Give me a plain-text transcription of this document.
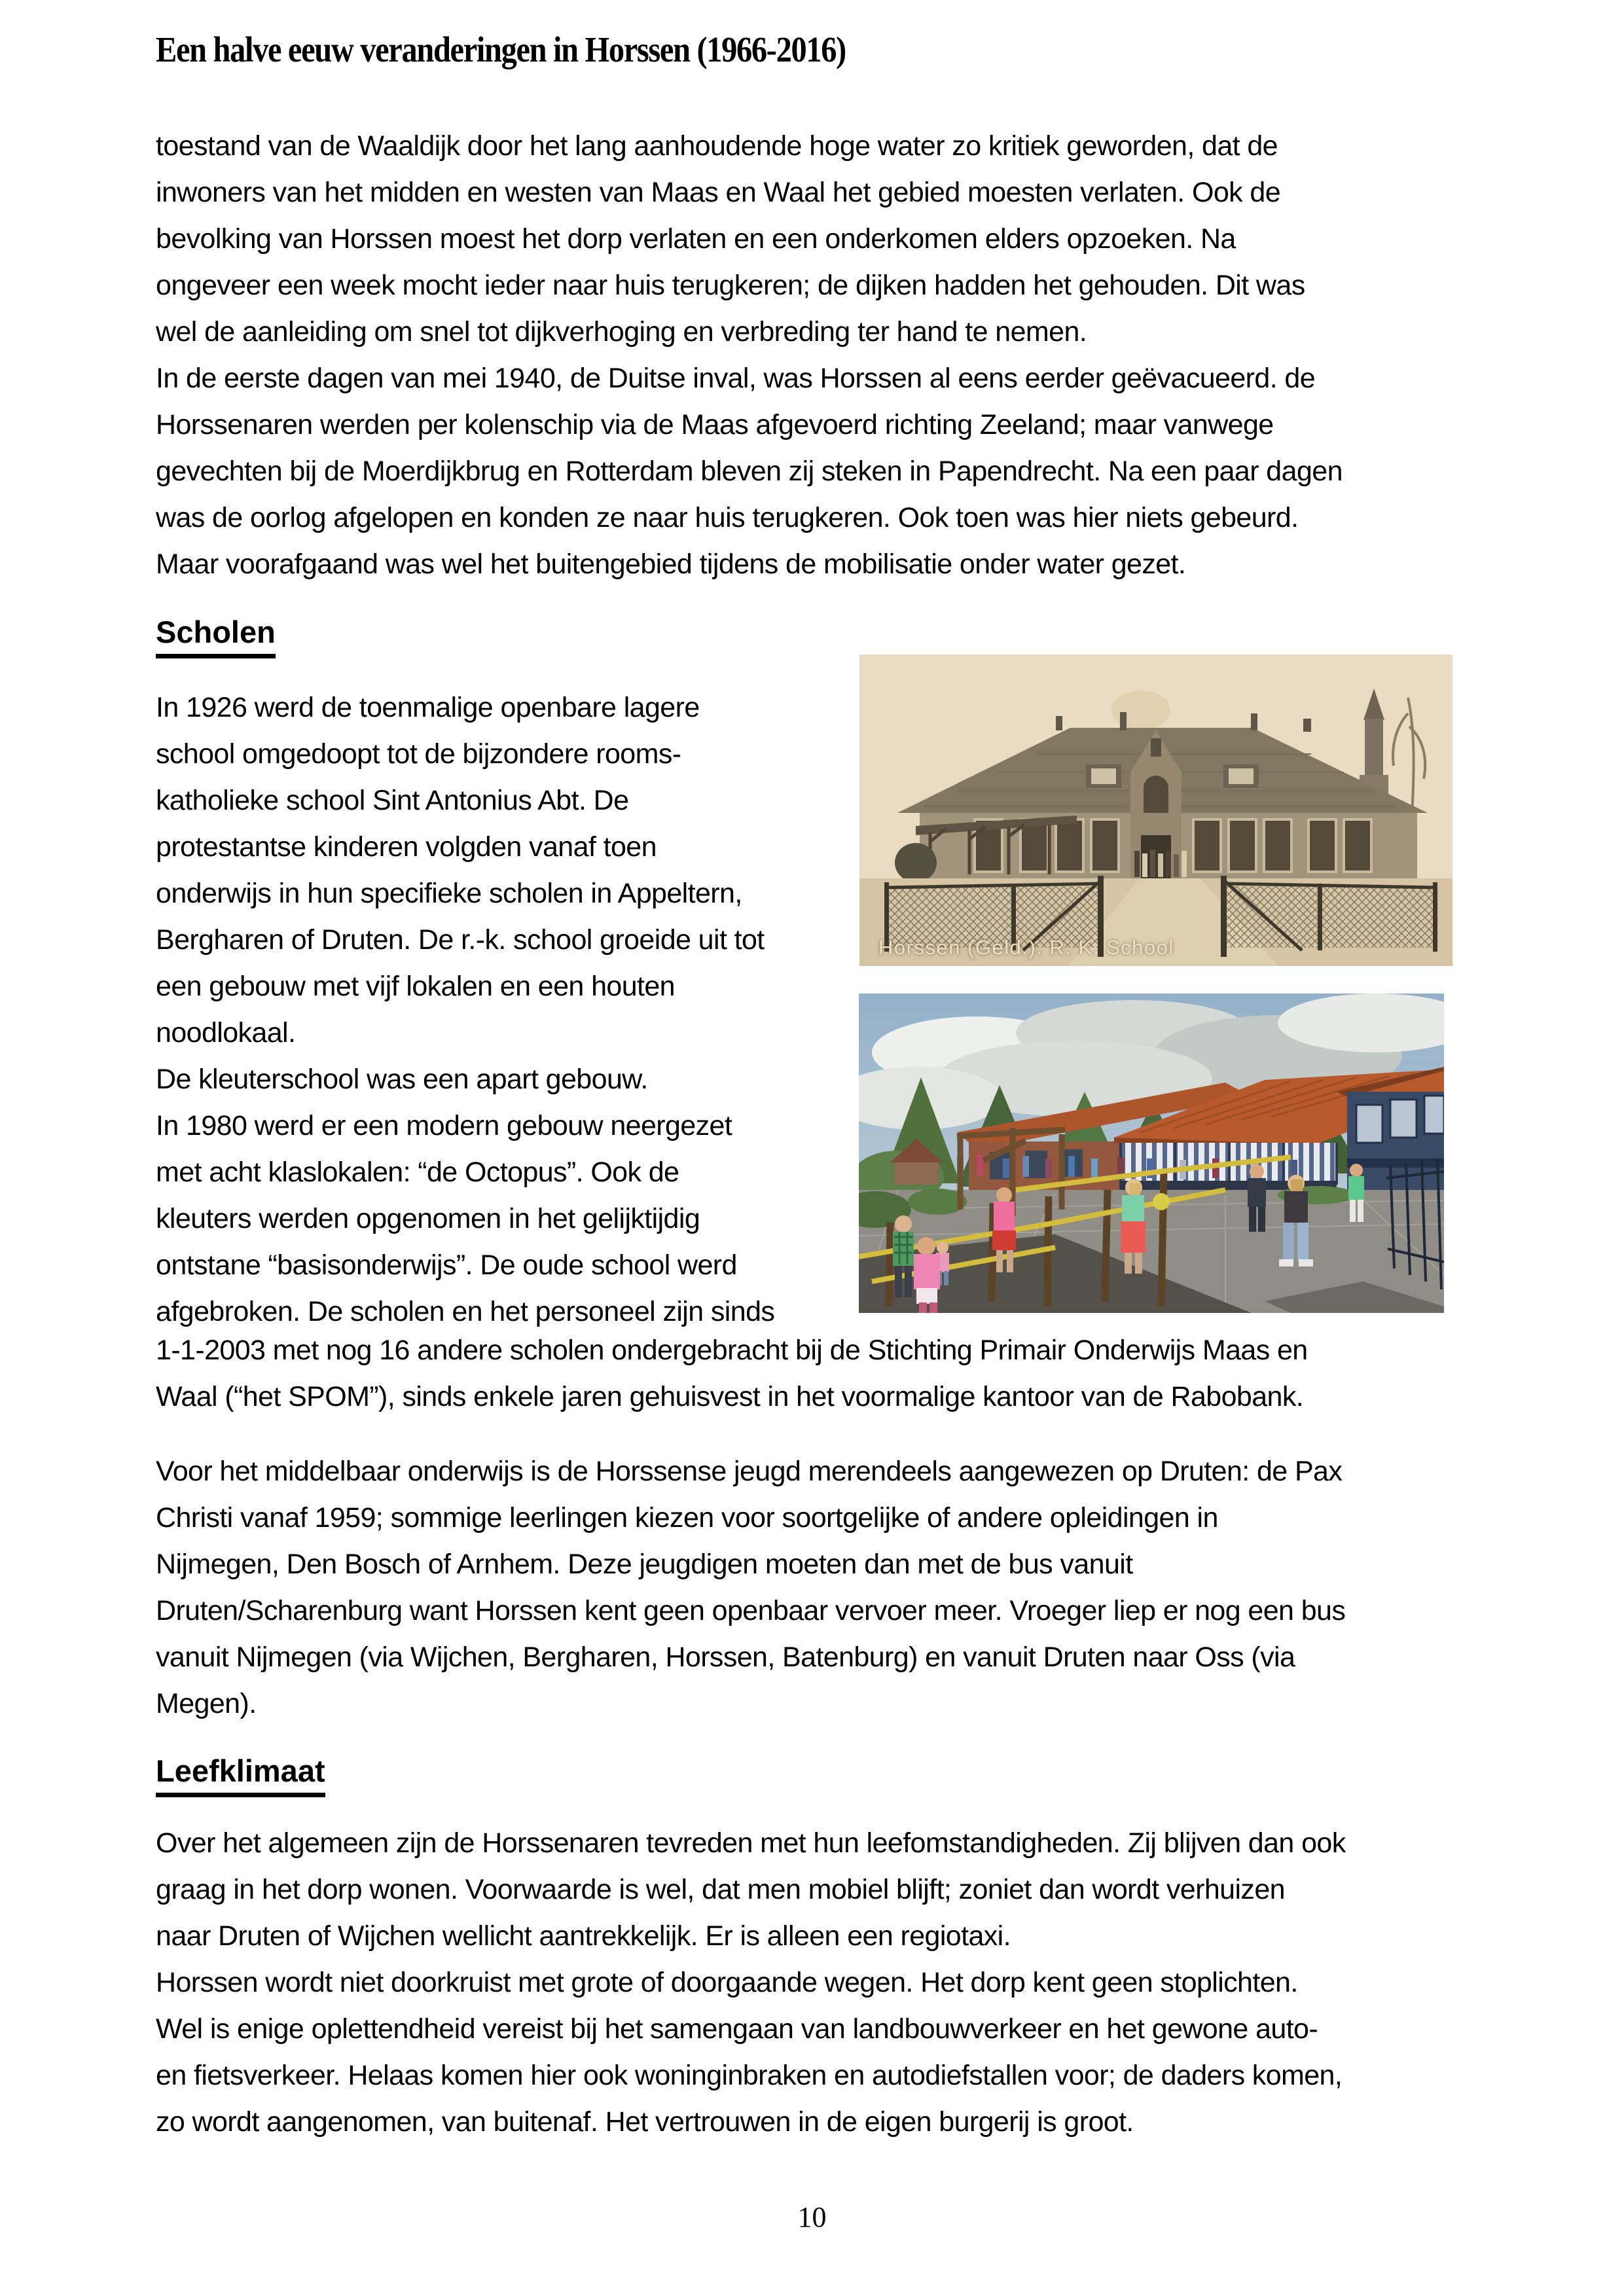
Een halve eeuw veranderingen in Horssen (1966-2016)
toestand van de Waaldijk door het lang aanhoudende hoge water zo kritiek geworden, dat de
inwoners van het midden en westen van Maas en Waal het gebied moesten verlaten. Ook de
bevolking van Horssen moest het dorp verlaten en een onderkomen elders opzoeken. Na
ongeveer een week mocht ieder naar huis terugkeren; de dijken hadden het gehouden. Dit was
wel de aanleiding om snel tot dijkverhoging en verbreding ter hand te nemen.
In de eerste dagen van mei 1940, de Duitse inval, was Horssen al eens eerder geëvacueerd. de
Horssenaren werden per kolenschip via de Maas afgevoerd richting Zeeland; maar vanwege
gevechten bij de Moerdijkbrug en Rotterdam bleven zij steken in Papendrecht. Na een paar dagen
was de oorlog afgelopen en konden ze naar huis terugkeren. Ook toen was hier niets gebeurd.
Maar voorafgaand was wel het buitengebied tijdens de mobilisatie onder water gezet.
Scholen
In 1926 werd de toenmalige openbare lagere
school omgedoopt tot de bijzondere rooms-
katholieke school Sint Antonius Abt. De
protestantse kinderen volgden vanaf toen
onderwijs in hun specifieke scholen in Appeltern,
Bergharen of Druten. De r.-k. school groeide uit tot
een gebouw met vijf lokalen en een houten
noodlokaal.
De kleuterschool was een apart gebouw.
In 1980 werd er een modern gebouw neergezet
met acht klaslokalen: “de Octopus”. Ook de
kleuters werden opgenomen in het gelijktijdig
ontstane “basisonderwijs”. De oude school werd
afgebroken. De scholen en het personeel zijn sinds
Horssen (Geld.). R. K. School
1-1-2003 met nog 16 andere scholen ondergebracht bij de Stichting Primair Onderwijs Maas en
Waal (“het SPOM”), sinds enkele jaren gehuisvest in het voormalige kantoor van de Rabobank.
Voor het middelbaar onderwijs is de Horssense jeugd merendeels aangewezen op Druten: de Pax
Christi vanaf 1959; sommige leerlingen kiezen voor soortgelijke of andere opleidingen in
Nijmegen, Den Bosch of Arnhem. Deze jeugdigen moeten dan met de bus vanuit
Druten/Scharenburg want Horssen kent geen openbaar vervoer meer. Vroeger liep er nog een bus
vanuit Nijmegen (via Wijchen, Bergharen, Horssen, Batenburg) en vanuit Druten naar Oss (via
Megen).
Leefklimaat
Over het algemeen zijn de Horssenaren tevreden met hun leefomstandigheden. Zij blijven dan ook
graag in het dorp wonen. Voorwaarde is wel, dat men mobiel blijft; zoniet dan wordt verhuizen
naar Druten of Wijchen wellicht aantrekkelijk. Er is alleen een regiotaxi.
Horssen wordt niet doorkruist met grote of doorgaande wegen. Het dorp kent geen stoplichten.
Wel is enige oplettendheid vereist bij het samengaan van landbouwverkeer en het gewone auto-
en fietsverkeer. Helaas komen hier ook woninginbraken en autodiefstallen voor; de daders komen,
zo wordt aangenomen, van buitenaf. Het vertrouwen in de eigen burgerij is groot.
10
